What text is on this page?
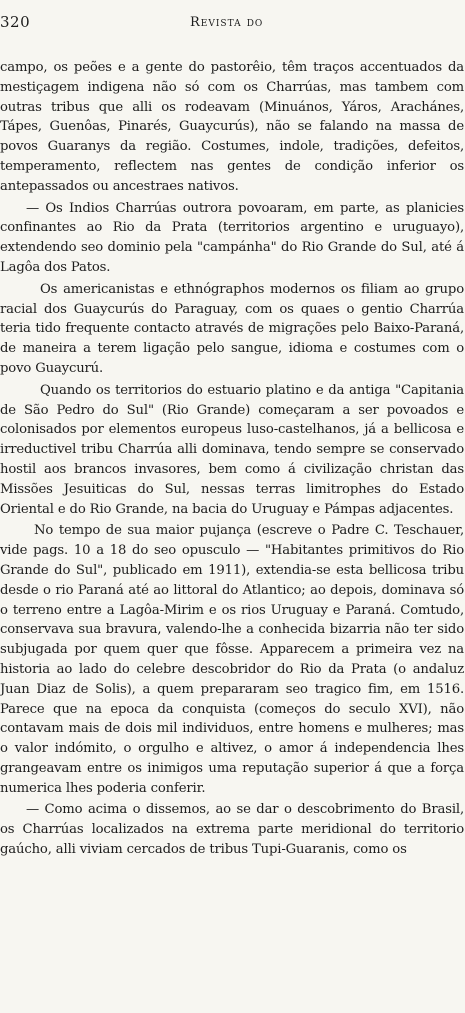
320	Revista do

campo, os peões e a gente do pastorêio, têm traços accentuados da mestiçagem indigena não só com os Charrúas, mas tambem com outras tribus que alli os rodeavam (Minuános, Yáros, Arachánes, Tápes, Guenôas, Pinarés, Guaycurús), não se falando na massa de povos Guaranys da região. Costumes, indole, tradições, defeitos, temperamento, reflectem nas gentes de condição inferior os antepassados ou ancestraes nativos.

— Os Indios Charrúas outrora povoaram, em parte, as planicies confinantes ao Rio da Prata (territorios argentino e uruguayo), extendendo seo dominio pela "campánha" do Rio Grande do Sul, até á Lagôa dos Patos.

Os americanistas e ethnógraphos modernos os filiam ao grupo racial dos Guaycurús do Paraguay, com os quaes o gentio Charrúa teria tido frequente contacto através de migrações pelo Baixo-Paraná, de maneira a terem ligação pelo sangue, idioma e costumes com o povo Guaycurú.

Quando os territorios do estuario platino e da antiga "Capitania de São Pedro do Sul" (Rio Grande) começaram a ser povoados e colonisados por elementos europeus luso-castelhanos, já a bellicosa e irreductivel tribu Charrúa alli dominava, tendo sempre se conservado hostil aos brancos invasores, bem como á civilização christan das Missões Jesuiticas do Sul, nessas terras limitrophes do Estado Oriental e do Rio Grande, na bacia do Uruguay e Pámpas adjacentes.

No tempo de sua maior pujança (escreve o Padre C. Teschauer, vide pags. 10 a 18 do seo opusculo — "Habitantes primitivos do Rio Grande do Sul", publicado em 1911), extendia-se esta bellicosa tribu desde o rio Paraná até ao littoral do Atlantico; ao depois, dominava só o terreno entre a Lagôa-Mirim e os rios Uruguay e Paraná. Comtudo, conservava sua bravura, valendo-lhe a conhecida bizarria não ter sido subjugada por quem quer que fôsse. Apparecem a primeira vez na historia ao lado do celebre descobridor do Rio da Prata (o andaluz Juan Diaz de Solis), a quem prepararam seo tragico fim, em 1516. Parece que na epoca da conquista (começos do seculo XVI), não contavam mais de dois mil individuos, entre homens e mulheres; mas o valor indómito, o orgulho e altivez, o amor á independencia lhes grangeavam entre os inimigos uma reputação superior á que a força numerica lhes poderia conferir.

— Como acima o dissemos, ao se dar o descobrimento do Brasil, os Charrúas localizados na extrema parte meridional do territorio gaúcho, alli viviam cercados de tribus Tupi-Guaranis, como os
